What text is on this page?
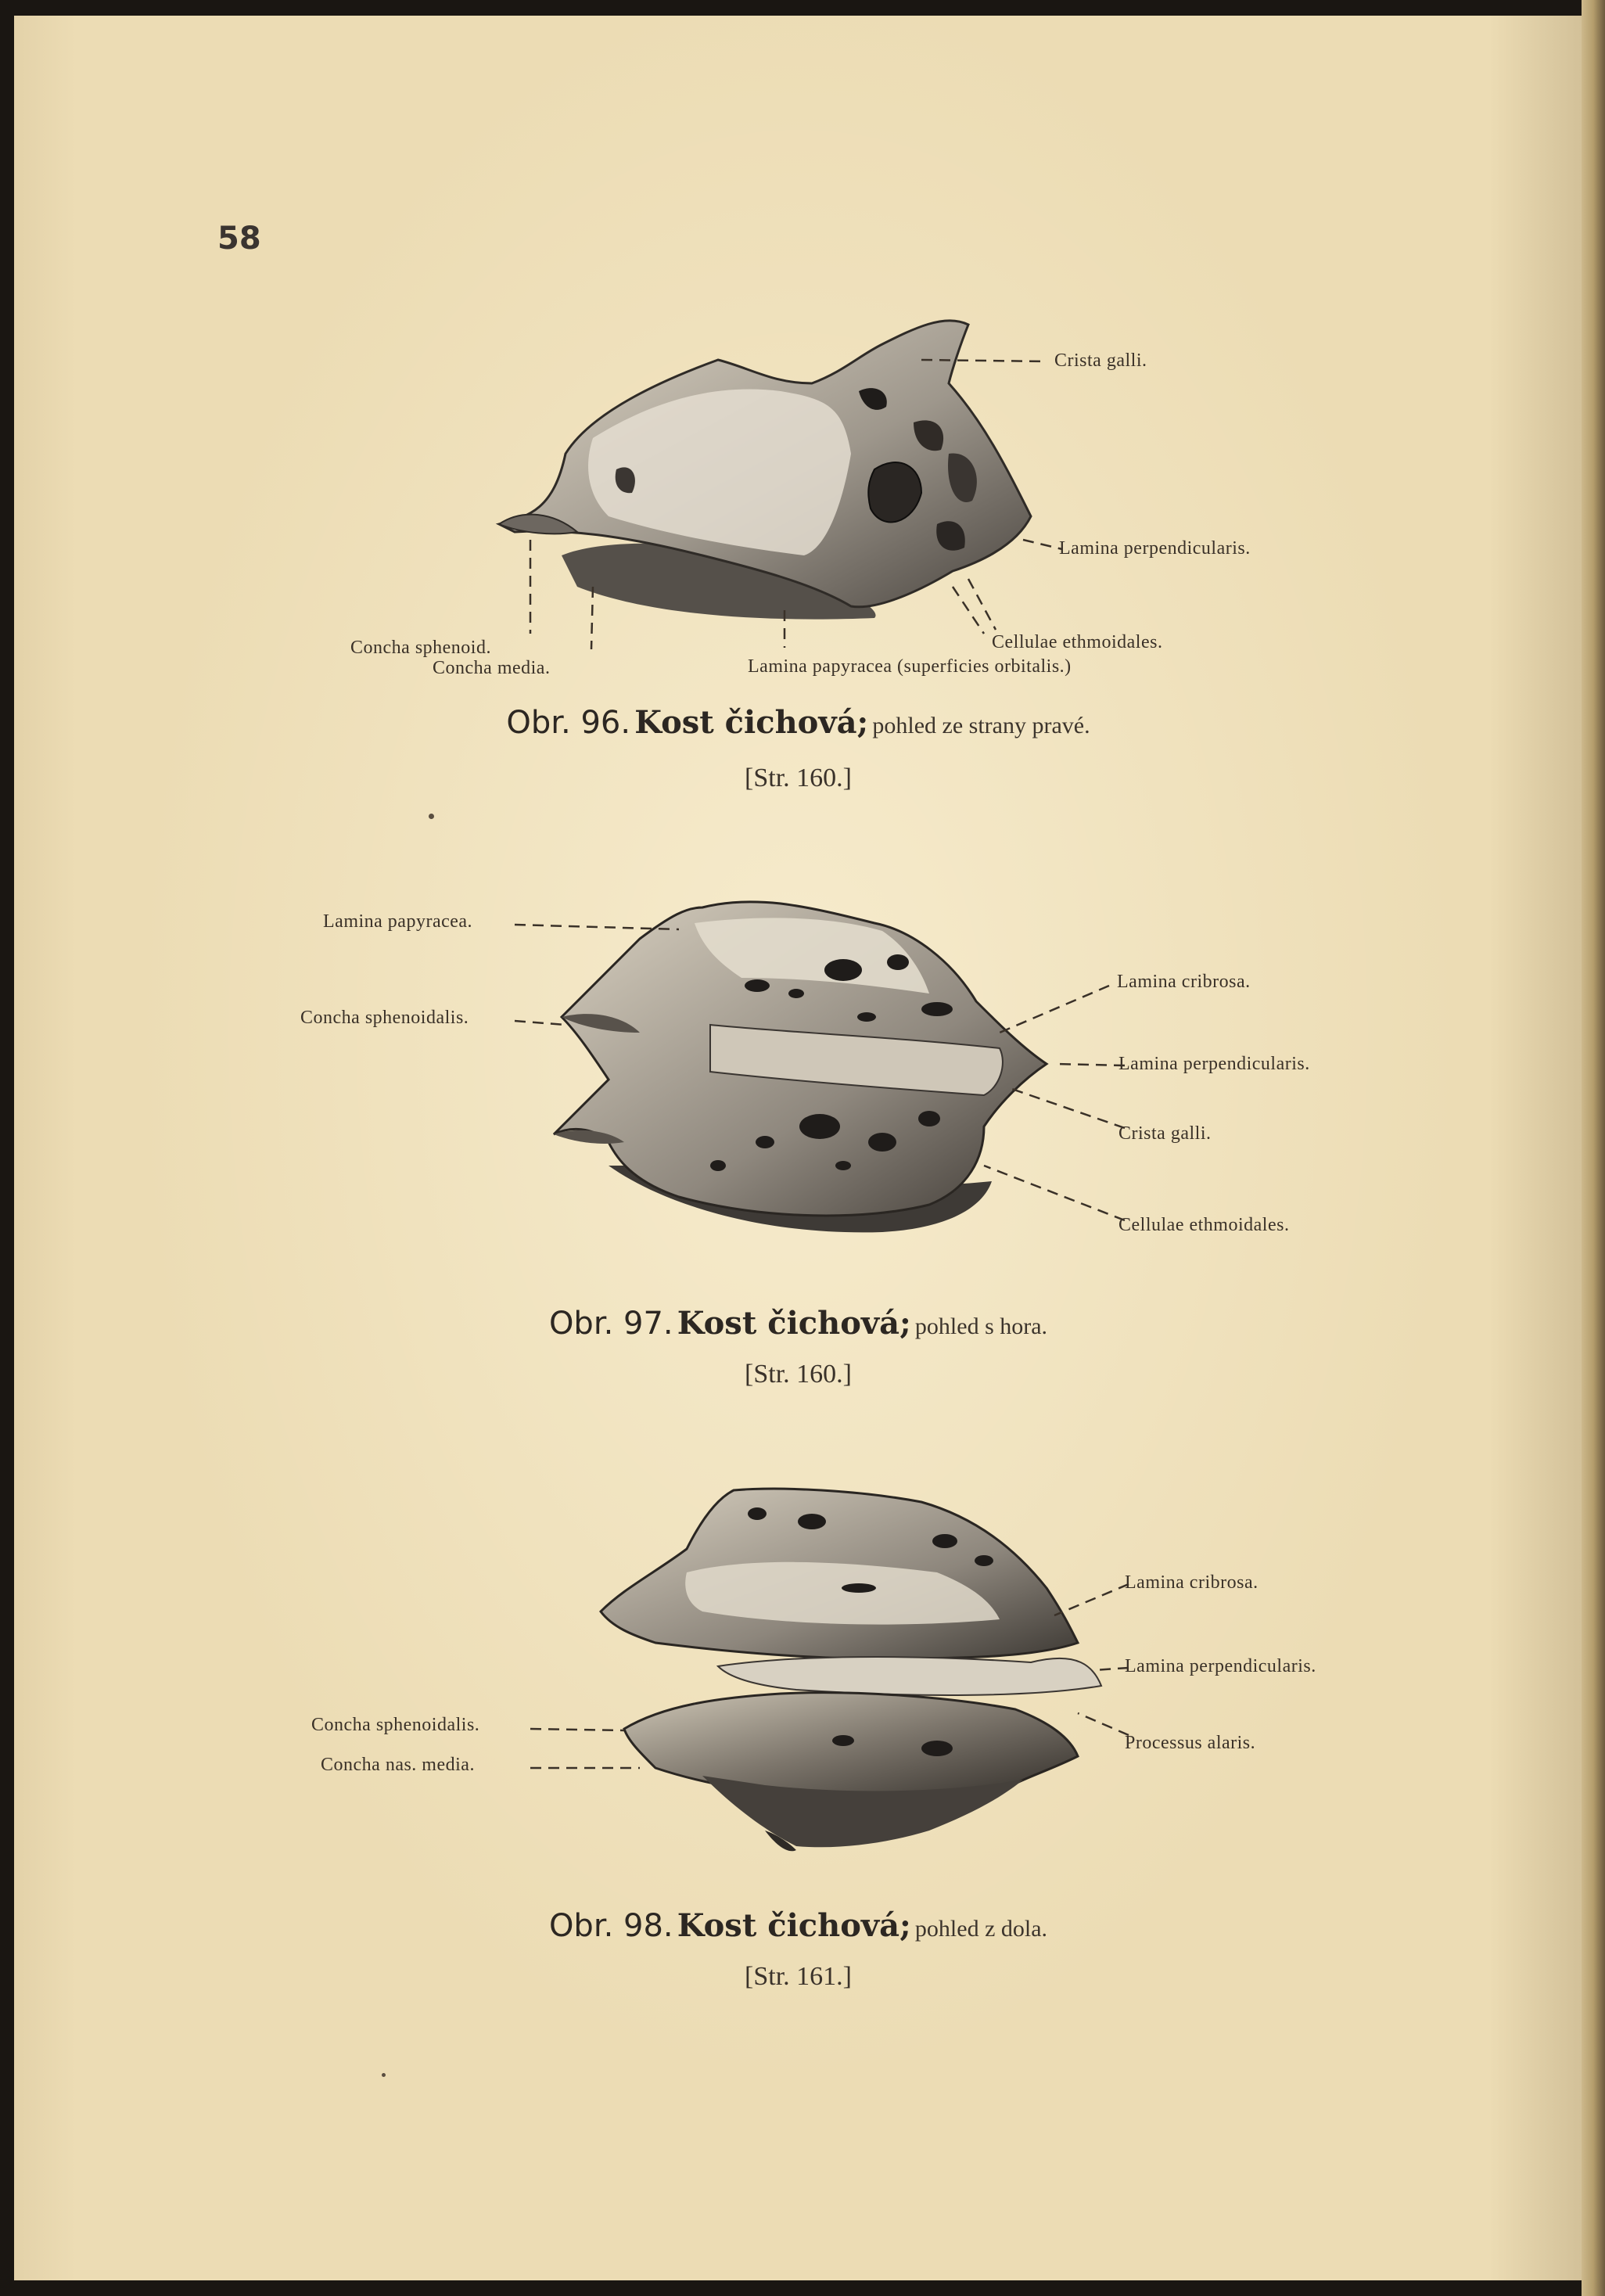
58
Crista galli.
Lamina perpendicularis.
Cellulae ethmoidales.
Concha sphenoid.
Concha media.	Lamina papyracea (superficies orbitalis.)
Obr. 96. Kost čichová; pohled ze strany pravé.
[Str. 160.]
Lamina papyracea.
Concha sphenoidalis.
Lamina cribrosa.
Lamina perpendicularis.
Crista galli.
Cellulae ethmoidales.
Obr. 97. Kost čichová; pohled s hora.
[Str. 160.]
Lamina cribrosa.
Lamina perpendicularis.
Processus alaris.
Concha sphenoidalis.
Concha nas. media.
Obr. 98. Kost čichová; pohled z dola.
[Str. 161.]
